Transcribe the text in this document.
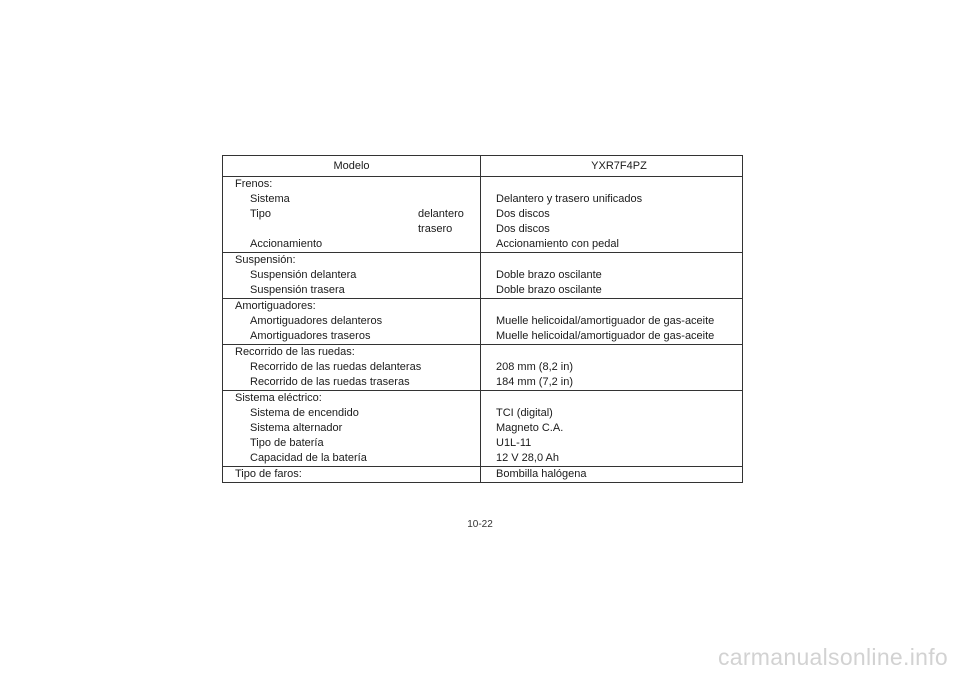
Modelo	YXR7F4PZ
Frenos:	
Sistema	Delantero y trasero unificados
Tipo delantero	Dos discos

trasero	Dos discos
Accionamiento	Accionamiento con pedal
Suspensión:	
Suspensión delantera	Doble brazo oscilante
Suspensión trasera	Doble brazo oscilante
Amortiguadores:	
Amortiguadores delanteros	Muelle helicoidal/amortiguador de gas-aceite
Amortiguadores traseros	Muelle helicoidal/amortiguador de gas-aceite
Recorrido de las ruedas:	
Recorrido de las ruedas delanteras	208 mm (8,2 in)
Recorrido de las ruedas traseras	184 mm (7,2 in)
Sistema eléctrico:	
Sistema de encendido	TCI (digital)
Sistema alternador	Magneto C.A.
Tipo de batería	U1L-11
Capacidad de la batería	12 V 28,0 Ah
Tipo de faros:	Bombilla halógena
10-22
carmanualsonline.info
